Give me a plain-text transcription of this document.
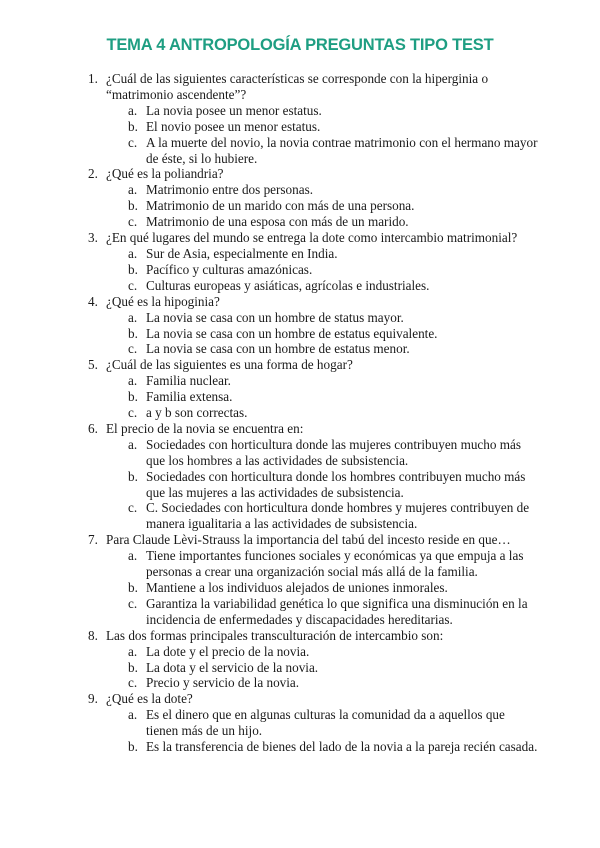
TEMA 4 ANTROPOLOGÍA PREGUNTAS TIPO TEST
1. ¿Cuál de las siguientes características se corresponde con la hiperginia o “matrimonio ascendente”?
a. La novia posee un menor estatus.
b. El novio posee un menor estatus.
c. A la muerte del novio, la novia contrae matrimonio con el hermano mayor de éste, si lo hubiere.
2. ¿Qué es la poliandria?
a. Matrimonio entre dos personas.
b. Matrimonio de un marido con más de una persona.
c. Matrimonio de una esposa con más de un marido.
3. ¿En qué lugares del mundo se entrega la dote como intercambio matrimonial?
a. Sur de Asia, especialmente en India.
b. Pacífico y culturas amazónicas.
c. Culturas europeas y asiáticas, agrícolas e industriales.
4. ¿Qué es la hipoginia?
a. La novia se casa con un hombre de status mayor.
b. La novia se casa con un hombre de estatus equivalente.
c. La novia se casa con un hombre de estatus menor.
5. ¿Cuál de las siguientes es una forma de hogar?
a. Familia nuclear.
b. Familia extensa.
c. a y b son correctas.
6. El precio de la novia se encuentra en:
a. Sociedades con horticultura donde las mujeres contribuyen mucho más que los hombres a las actividades de subsistencia.
b. Sociedades con horticultura donde los hombres contribuyen mucho más que las mujeres a las actividades de subsistencia.
c. C. Sociedades con horticultura donde hombres y mujeres contribuyen de manera igualitaria a las actividades de subsistencia.
7. Para Claude Lèvi-Strauss la importancia del tabú del incesto reside en que…
a. Tiene importantes funciones sociales y económicas ya que empuja a las personas a crear una organización social más allá de la familia.
b. Mantiene a los individuos alejados de uniones inmorales.
c. Garantiza la variabilidad genética lo que significa una disminución en la incidencia de enfermedades y discapacidades hereditarias.
8. Las dos formas principales transculturación de intercambio son:
a. La dote y el precio de la novia.
b. La dota y el servicio de la novia.
c. Precio y servicio de la novia.
9. ¿Qué es la dote?
a. Es el dinero que en algunas culturas la comunidad da a aquellos que tienen más de un hijo.
b. Es la transferencia de bienes del lado de la novia a la pareja recién casada.
